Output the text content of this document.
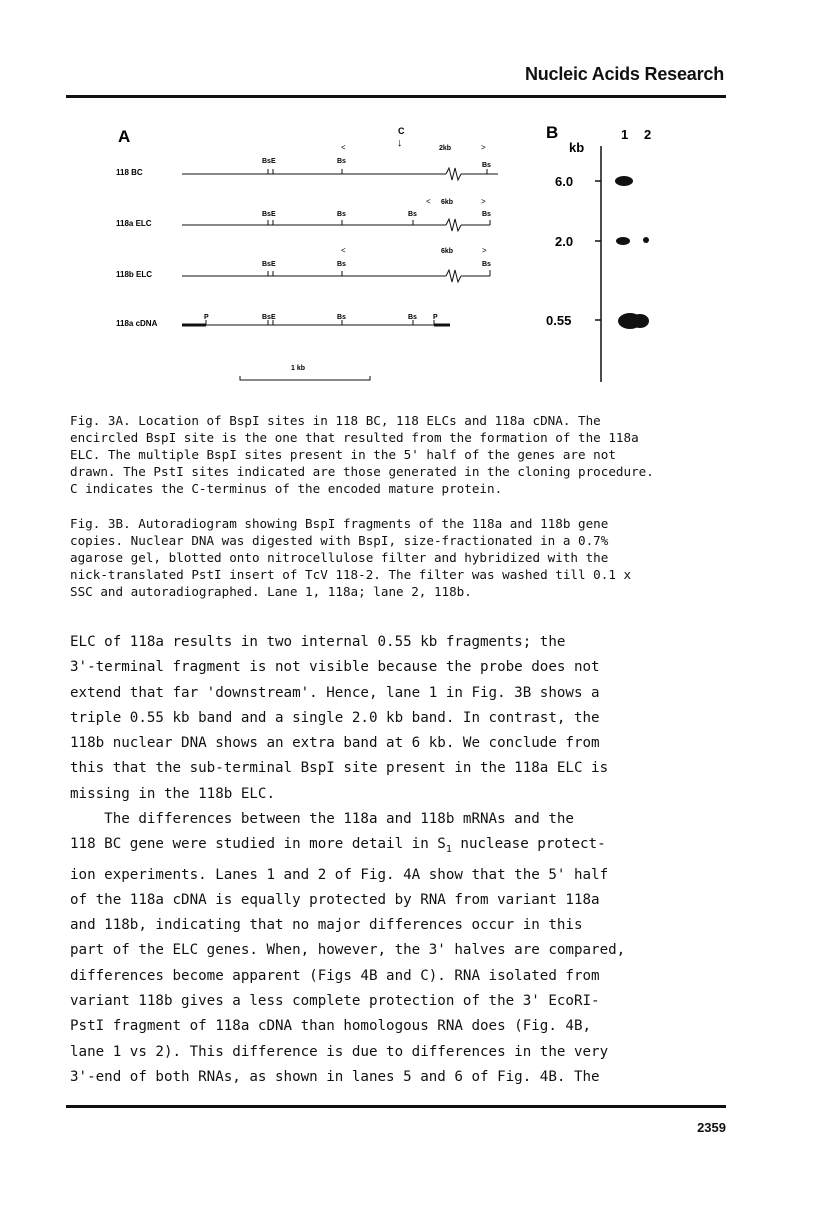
Nucleic Acids Research
A	C
↓
118 BC
<	2kb	>
BsE	Bs
Bs
118a ELC
< 6kb	>
BsE	Bs	Bs	Bs
118b ELC
<	6kb	>
BsE	Bs	Bs
118a cDNA
P	BsE	Bs	Bs P
1 kb
B
kb
1 2
6.0
2.0
0.55

Fig. 3A. Location of BspI sites in 118 BC, 118 ELCs and 118a cDNA. The
encircled BspI site is the one that resulted from the formation of the 118a
ELC. The multiple BspI sites present in the 5' half of the genes are not
drawn. The PstI sites indicated are those generated in the cloning procedure.
C indicates the C-terminus of the encoded mature protein.

Fig. 3B. Autoradiogram showing BspI fragments of the 118a and 118b gene
copies. Nuclear DNA was digested with BspI, size-fractionated in a 0.7%
agarose gel, blotted onto nitrocellulose filter and hybridized with the
nick-translated PstI insert of TcV 118-2. The filter was washed till 0.1 x
SSC and autoradiographed. Lane 1, 118a; lane 2, 118b.

ELC of 118a results in two internal 0.55 kb fragments; the
3'-terminal fragment is not visible because the probe does not
extend that far 'downstream'. Hence, lane 1 in Fig. 3B shows a
triple 0.55 kb band and a single 2.0 kb band. In contrast, the
118b nuclear DNA shows an extra band at 6 kb. We conclude from
this that the sub-terminal BspI site present in the 118a ELC is
missing in the 118b ELC.
The differences between the 118a and 118b mRNAs and the
118 BC gene were studied in more detail in $S_1$ nuclease protect-
ion experiments. Lanes 1 and 2 of Fig. 4A show that the 5' half
of the 118a cDNA is equally protected by RNA from variant 118a
and 118b, indicating that no major differences occur in this
part of the ELC genes. When, however, the 3' halves are compared,
differences become apparent (Figs 4B and C). RNA isolated from
variant 118b gives a less complete protection of the 3' EcoRI-
PstI fragment of 118a cDNA than homologous RNA does (Fig. 4B,
lane 1 vs 2). This difference is due to differences in the very
3'-end of both RNAs, as shown in lanes 5 and 6 of Fig. 4B. The
2359
